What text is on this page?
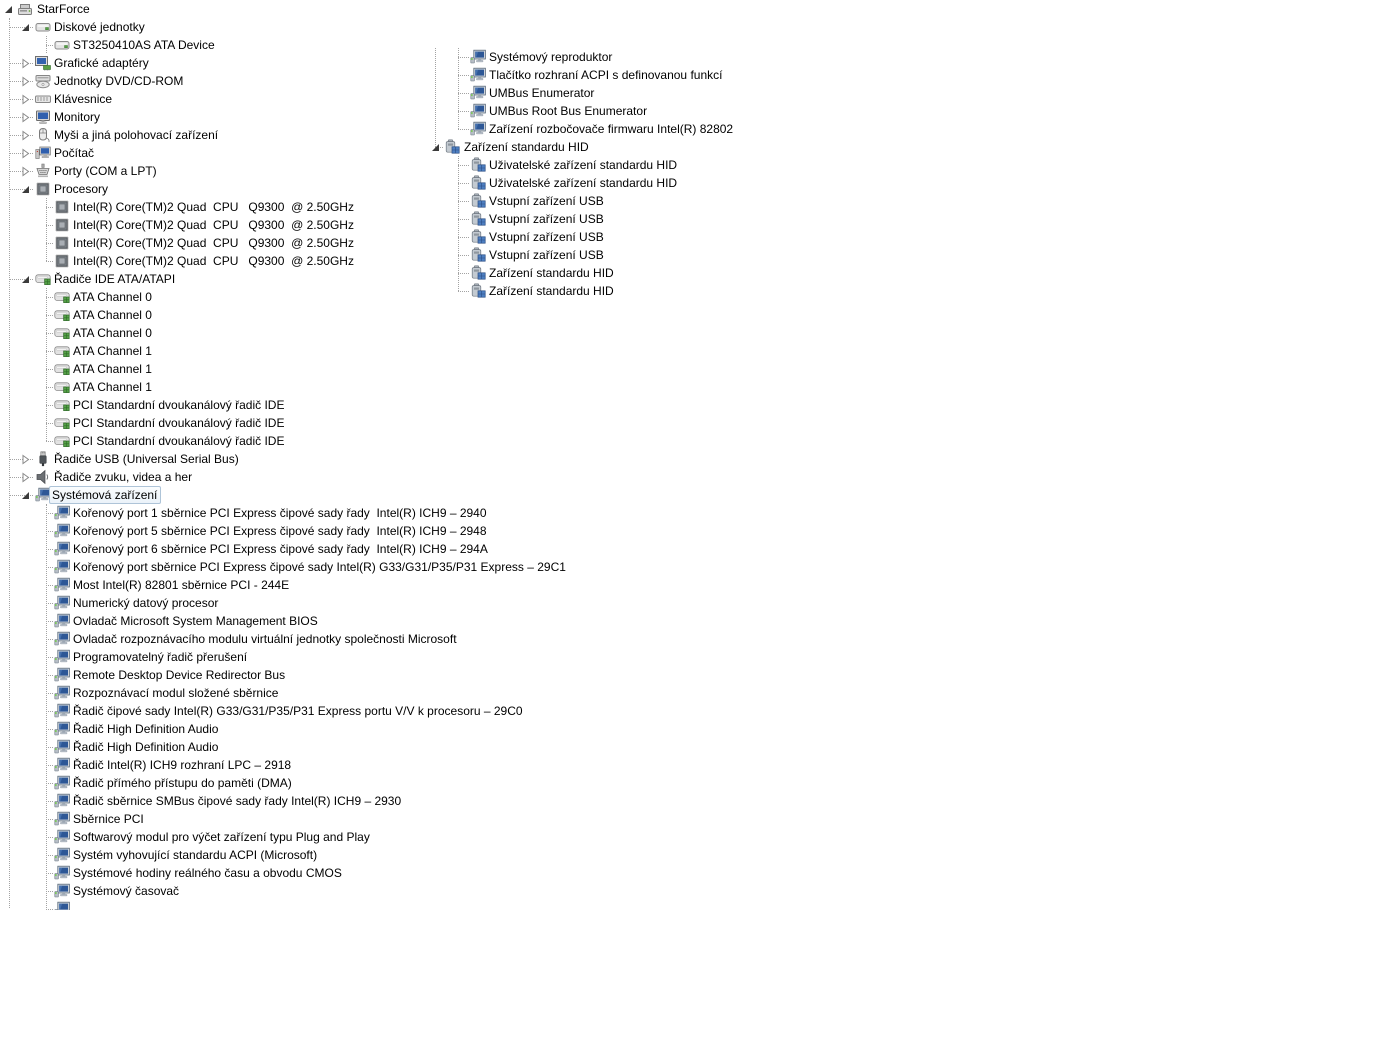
StarForce
Diskové jednotky
ST3250410AS ATA Device
Grafické adaptéry
Jednotky DVD/CD-ROM
Klávesnice
Monitory
Myši a jiná polohovací zařízení
Počítač
Porty (COM a LPT)
Procesory
Intel(R) Core(TM)2 Quad  CPU   Q9300  @ 2.50GHz
Intel(R) Core(TM)2 Quad  CPU   Q9300  @ 2.50GHz
Intel(R) Core(TM)2 Quad  CPU   Q9300  @ 2.50GHz
Intel(R) Core(TM)2 Quad  CPU   Q9300  @ 2.50GHz
Řadiče IDE ATA/ATAPI
ATA Channel 0
ATA Channel 0
ATA Channel 0
ATA Channel 1
ATA Channel 1
ATA Channel 1
PCI Standardní dvoukanálový řadič IDE
PCI Standardní dvoukanálový řadič IDE
PCI Standardní dvoukanálový řadič IDE
Řadiče USB (Universal Serial Bus)
Řadiče zvuku, videa a her
Systémová zařízení
Kořenový port 1 sběrnice PCI Express čipové sady řady  Intel(R) ICH9 – 2940
Kořenový port 5 sběrnice PCI Express čipové sady řady  Intel(R) ICH9 – 2948
Kořenový port 6 sběrnice PCI Express čipové sady řady  Intel(R) ICH9 – 294A
Kořenový port sběrnice PCI Express čipové sady Intel(R) G33/G31/P35/P31 Express – 29C1
Most Intel(R) 82801 sběrnice PCI - 244E
Numerický datový procesor
Ovladač Microsoft System Management BIOS
Ovladač rozpoznávacího modulu virtuální jednotky společnosti Microsoft
Programovatelný řadič přerušení
Remote Desktop Device Redirector Bus
Rozpoznávací modul složené sběrnice
Řadič čipové sady Intel(R) G33/G31/P35/P31 Express portu V/V k procesoru – 29C0
Řadič High Definition Audio
Řadič High Definition Audio
Řadič Intel(R) ICH9 rozhraní LPC – 2918
Řadič přímého přístupu do paměti (DMA)
Řadič sběrnice SMBus čipové sady řady Intel(R) ICH9 – 2930
Sběrnice PCI
Softwarový modul pro výčet zařízení typu Plug and Play
Systém vyhovující standardu ACPI (Microsoft)
Systémové hodiny reálného času a obvodu CMOS
Systémový časovač
Systémový reproduktor
Tlačítko rozhraní ACPI s definovanou funkcí
UMBus Enumerator
UMBus Root Bus Enumerator
Zařízení rozbočovače firmwaru Intel(R) 82802
Zařízení standardu HID
Uživatelské zařízení standardu HID
Uživatelské zařízení standardu HID
Vstupní zařízení USB
Vstupní zařízení USB
Vstupní zařízení USB
Vstupní zařízení USB
Zařízení standardu HID
Zařízení standardu HID
